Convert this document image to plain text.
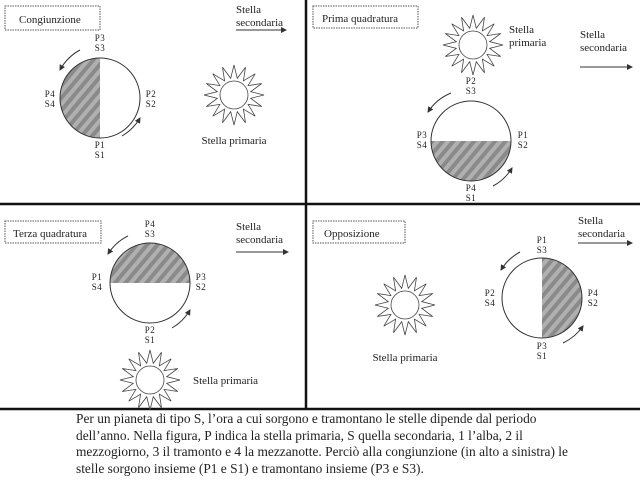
Congiunzione
Stella
secondaria
P3
S3
P4
S4
P2
S2
P1
S1
Stella primaria
Prima quadratura
Stella
primaria
Stella
secondaria
P2
S3
P3
S4
P1
S2
P4
S1
Terza quadratura
Stella
secondaria
P4
S3
P1
S4
P3
S2
P2
S1
Stella primaria
Opposizione
Stella
secondaria
Stella primaria
P1
S3
P2
S4
P4
S2
P3
S1
Per un pianeta di tipo S, l’ora a cui sorgono e tramontano le stelle dipende dal periodo dell’anno. Nella figura, P indica la stella primaria, S quella secondaria, 1 l’alba, 2 il mezzogiorno, 3 il tramonto e 4 la mezzanotte. Perciò alla congiunzione (in alto a sinistra) le stelle sorgono insieme (P1 e S1) e tramontano insieme (P3 e S3).
